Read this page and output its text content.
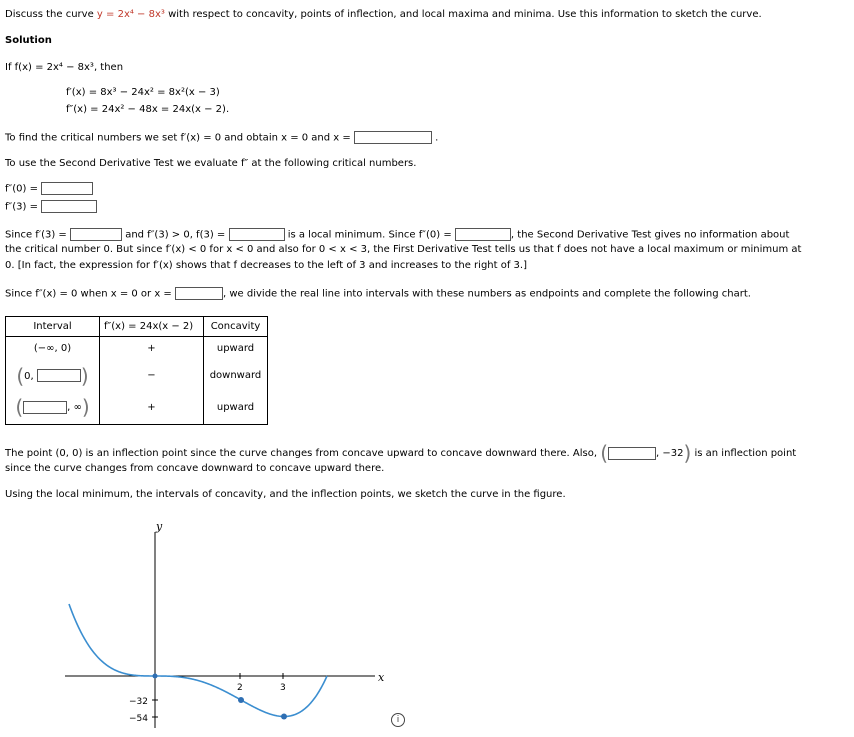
Discuss the curve y = 2x⁴ − 8x³ with respect to concavity, points of inflection, and local maxima and minima. Use this information to sketch the curve.
Solution
If f(x) = 2x⁴ − 8x³, then
f′(x) = 8x³ − 24x² = 8x²(x − 3)
f″(x) = 24x² − 48x = 24x(x − 2).
To find the critical numbers we set f′(x) = 0 and obtain x = 0 and x =	.
To use the Second Derivative Test we evaluate f″ at the following critical numbers.
f″(0) =
f″(3) =
Since f′(3) =	and f″(3) > 0, f(3) =	is a local minimum. Since f″(0) =	, the Second Derivative Test gives no information about
the critical number 0. But since f′(x) < 0 for x < 0 and also for 0 < x < 3, the First Derivative Test tells us that f does not have a local maximum or minimum at
0. [In fact, the expression for f′(x) shows that f decreases to the left of 3 and increases to the right of 3.]
Since f″(x) = 0 when x = 0 or x =	, we divide the real line into intervals with these numbers as endpoints and complete the following chart.
Interval	f″(x) = 24x(x − 2)	Concavity
(−∞, 0)	+	upward
(0, )	−	downward
( , ∞)	+	upward
The point (0, 0) is an inflection point since the curve changes from concave upward to concave downward there. Also, (	, −32) is an inflection point
since the curve changes from concave downward to concave upward there.
Using the local minimum, the intervals of concavity, and the inflection points, we sketch the curve in the figure.
y
x
2	3
−32
−54	i
